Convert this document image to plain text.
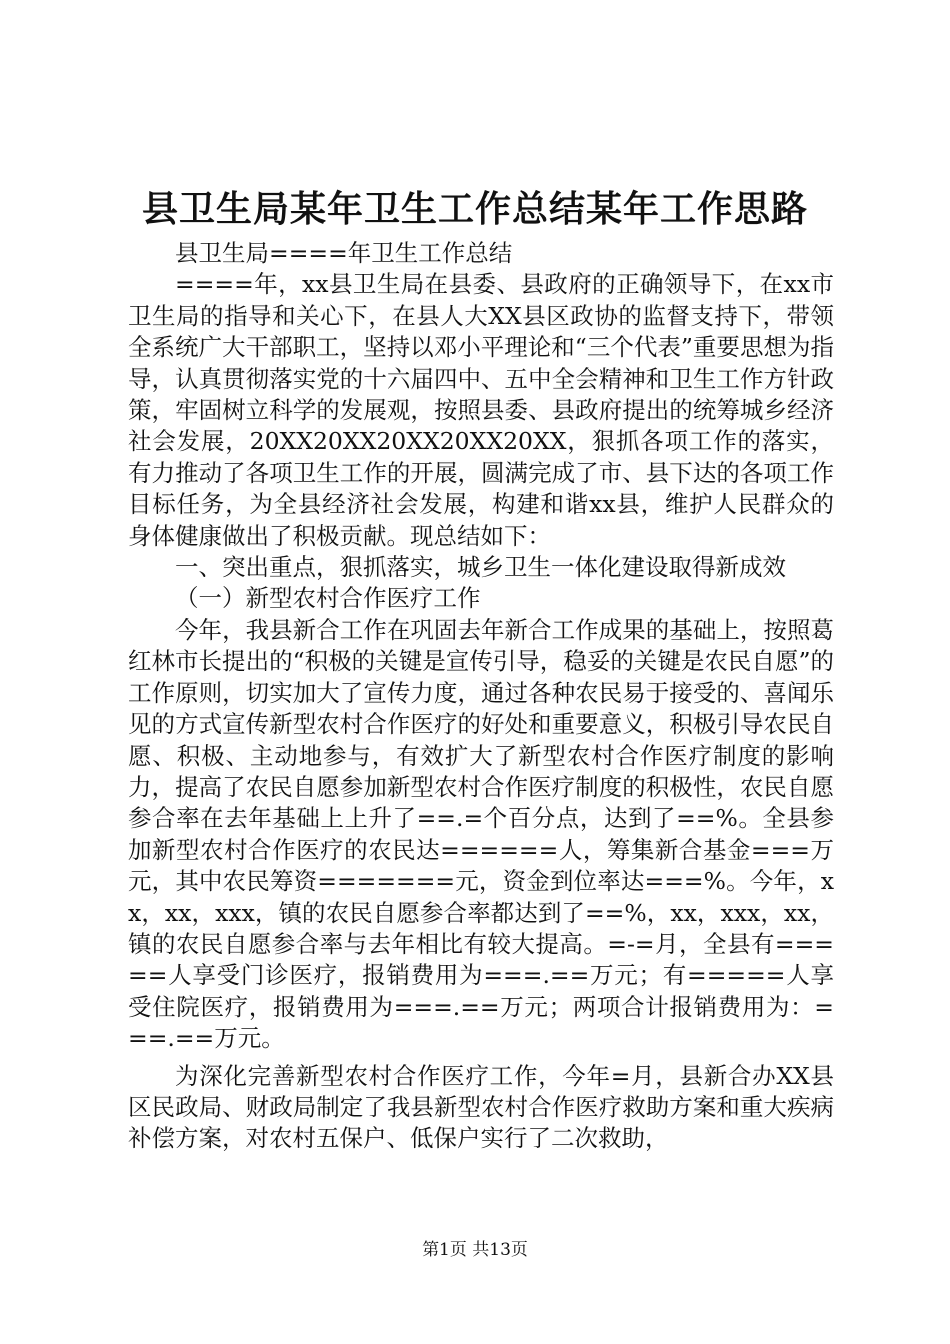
县卫生局某年卫生工作总结某年工作思路

县卫生局====年卫生工作总结

====年，xx县卫生局在县委、县政府的正确领导下，在xx市卫生局的指导和关心下，在县人大XX县区政协的监督支持下，带领全系统广大干部职工，坚持以邓小平理论和“三个代表”重要思想为指导，认真贯彻落实党的十六届四中、五中全会精神和卫生工作方针政策，牢固树立科学的发展观，按照县委、县政府提出的统筹城乡经济社会发展，20XX20XX20XX20XX20XX，狠抓各项工作的落实，有力推动了各项卫生工作的开展，圆满完成了市、县下达的各项工作目标任务，为全县经济社会发展，构建和谐xx县，维护人民群众的身体健康做出了积极贡献。现总结如下：

一、突出重点，狠抓落实，城乡卫生一体化建设取得新成效

（一）新型农村合作医疗工作

今年，我县新合工作在巩固去年新合工作成果的基础上，按照葛红林市长提出的“积极的关键是宣传引导，稳妥的关键是农民自愿”的工作原则，切实加大了宣传力度，通过各种农民易于接受的、喜闻乐见的方式宣传新型农村合作医疗的好处和重要意义，积极引导农民自愿、积极、主动地参与，有效扩大了新型农村合作医疗制度的影响力，提高了农民自愿参加新型农村合作医疗制度的积极性，农民自愿参合率在去年基础上上升了==.=个百分点，达到了==%。全县参加新型农村合作医疗的农民达======人，筹集新合基金===万元，其中农民筹资=======元，资金到位率达===%。今年，xx，xx，xxx，镇的农民自愿参合率都达到了==%，xx，xxx，xx，镇的农民自愿参合率与去年相比有较大提高。=-=月，全县有=====人享受门诊医疗，报销费用为===.==万元；有=====人享受住院医疗，报销费用为===.==万元；两项合计报销费用为：===.==万元。

为深化完善新型农村合作医疗工作，今年=月，县新合办XX县区民政局、财政局制定了我县新型农村合作医疗救助方案和重大疾病补偿方案，对农村五保户、低保户实行了二次救助，

第1页 共13页
